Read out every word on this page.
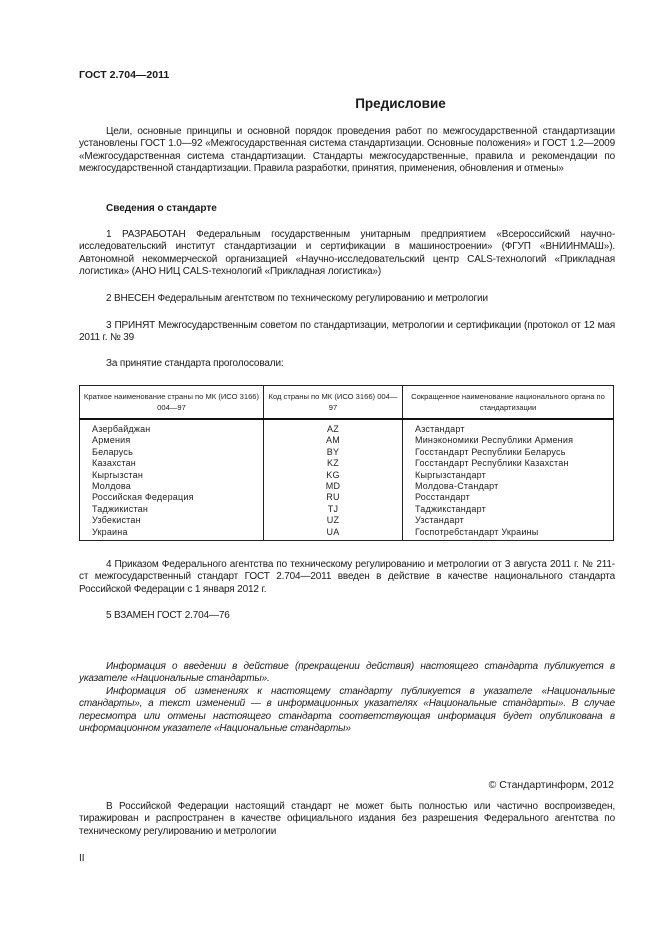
ГОСТ 2.704—2011
Предисловие
Цели, основные принципы и основной порядок проведения работ по межгосударственной стандартизации установлены ГОСТ 1.0—92 «Межгосударственная система стандартизации. Основные положения» и ГОСТ 1.2—2009 «Межгосударственная система стандартизации. Стандарты межгосударственные, правила и рекомендации по межгосударственной стандартизации. Правила разработки, принятия, применения, обновления и отмены»
Сведения о стандарте
1 РАЗРАБОТАН Федеральным государственным унитарным предприятием «Всероссийский научно-исследовательский институт стандартизации и сертификации в машиностроении» (ФГУП «ВНИИНМАШ»). Автономной некоммерческой организацией «Научно-исследовательский центр CALS-технологий «Прикладная логистика» (АНО НИЦ CALS-технологий «Прикладная логистика»)
2 ВНЕСЕН Федеральным агентством по техническому регулированию и метрологии
3 ПРИНЯТ Межгосударственным советом по стандартизации, метрологии и сертификации (протокол от 12 мая 2011 г. № 39
За принятие стандарта проголосовали:
Краткое наименование страны по МК (ИСО 3166) 004—97	Код страны по МК (ИСО 3166) 004—97	Сокращенное наименование национального органа по стандартизации
Азербайджан	AZ	Азстандарт
Армения	AM	Минэкономики Республики Армения
Беларусь	BY	Госстандарт Республики Беларусь
Казахстан	KZ	Госстандарт Республики Казахстан
Кыргызстан	KG	Кыргызстандарт
Молдова	MD	Молдова-Стандарт
Российская Федерация	RU	Росстандарт
Таджикистан	TJ	Таджикстандарт
Узбекистан	UZ	Узстандарт
Украина	UA	Госпотребстандарт Украины
4 Приказом Федерального агентства по техническому регулированию и метрологии от 3 августа 2011 г. № 211-ст межгосударственный стандарт ГОСТ 2.704—2011 введен в действие в качестве национального стандарта Российской Федерации с 1 января 2012 г.
5 ВЗАМЕН ГОСТ 2.704—76
Информация о введении в действие (прекращении действия) настоящего стандарта публикуется в указателе «Национальные стандарты».
Информация об изменениях к настоящему стандарту публикуется в указателе «Национальные стандарты», а текст изменений — в информационных указателях «Национальные стандарты». В случае пересмотра или отмены настоящего стандарта соответствующая информация будет опубликована в информационном указателе «Национальные стандарты»
© Стандартинформ, 2012
В Российской Федерации настоящий стандарт не может быть полностью или частично воспроизведен, тиражирован и распространен в качестве официального издания без разрешения Федерального агентства по техническому регулированию и метрологии
II
